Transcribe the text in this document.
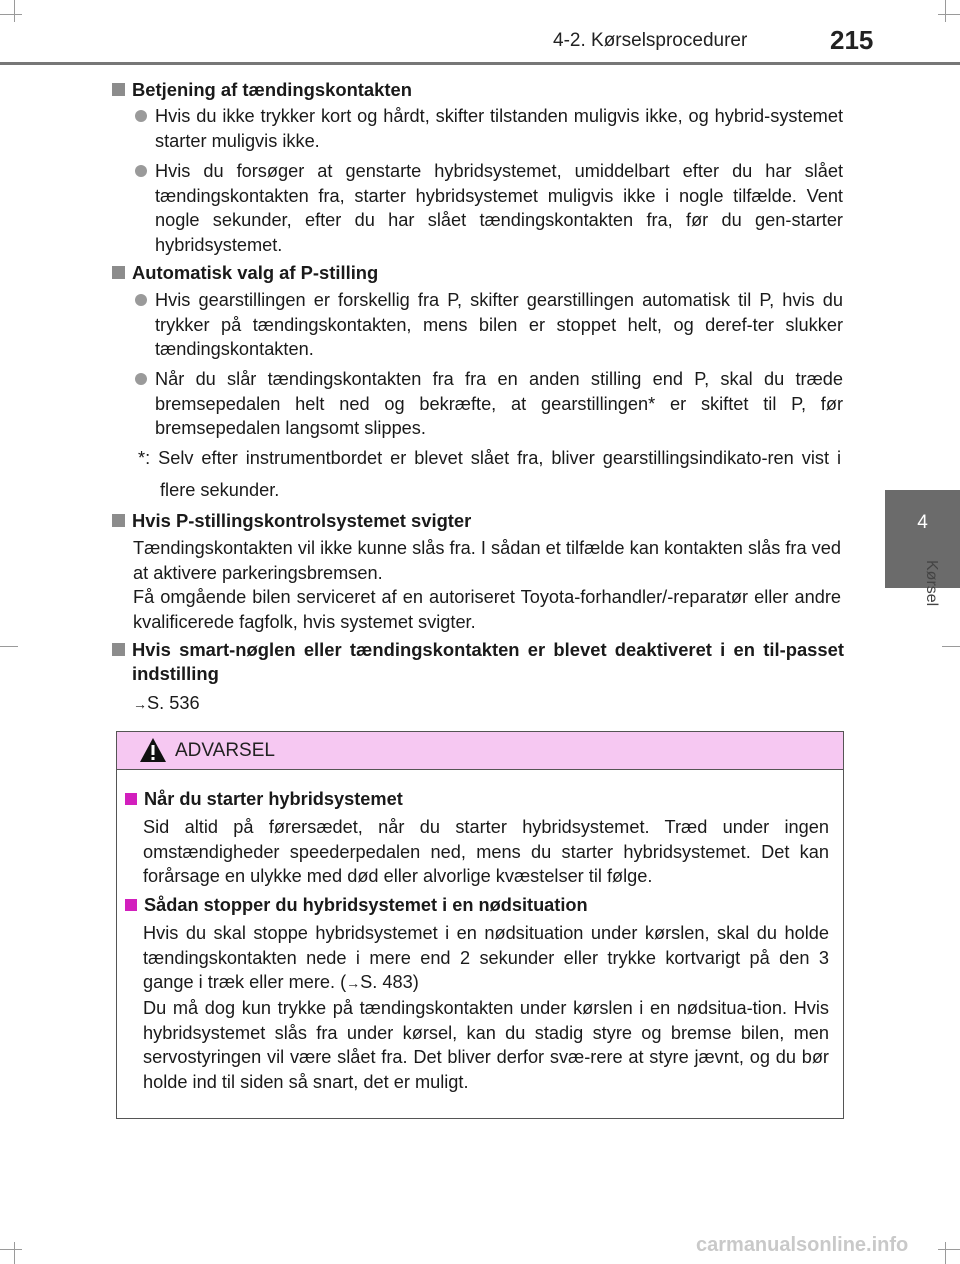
4-2. Kørselsprocedurer	215
4
Kørsel
Betjening af tændingskontakten
Hvis du ikke trykker kort og hårdt, skifter tilstanden muligvis ikke, og hybrid-systemet starter muligvis ikke.
Hvis du forsøger at genstarte hybridsystemet, umiddelbart efter du har slået tændingskontakten fra, starter hybridsystemet muligvis ikke i nogle tilfælde. Vent nogle sekunder, efter du har slået tændingskontakten fra, før du gen-starter hybridsystemet.
Automatisk valg af P-stilling
Hvis gearstillingen er forskellig fra P, skifter gearstillingen automatisk til P, hvis du trykker på tændingskontakten, mens bilen er stoppet helt, og deref-ter slukker tændingskontakten.
Når du slår tændingskontakten fra fra en anden stilling end P, skal du træde bremsepedalen helt ned og bekræfte, at gearstillingen* er skiftet til P, før bremsepedalen langsomt slippes.
*: Selv efter instrumentbordet er blevet slået fra, bliver gearstillingsindikato-ren vist i flere sekunder.
Hvis P-stillingskontrolsystemet svigter
Tændingskontakten vil ikke kunne slås fra. I sådan et tilfælde kan kontakten slås fra ved at aktivere parkeringsbremsen.
Få omgående bilen serviceret af en autoriseret Toyota-forhandler/-reparatør eller andre kvalificerede fagfolk, hvis systemet svigter.
Hvis smart-nøglen eller tændingskontakten er blevet deaktiveret i en til-passet indstilling
→S. 536
ADVARSEL
Når du starter hybridsystemet
Sid altid på førersædet, når du starter hybridsystemet. Træd under ingen omstændigheder speederpedalen ned, mens du starter hybridsystemet. Det kan forårsage en ulykke med død eller alvorlige kvæstelser til følge.
Sådan stopper du hybridsystemet i en nødsituation
Hvis du skal stoppe hybridsystemet i en nødsituation under kørslen, skal du holde tændingskontakten nede i mere end 2 sekunder eller trykke kortvarigt på den 3 gange i træk eller mere. (→S. 483)
Du må dog kun trykke på tændingskontakten under kørslen i en nødsitua-tion. Hvis hybridsystemet slås fra under kørsel, kan du stadig styre og bremse bilen, men servostyringen vil være slået fra. Det bliver derfor svæ-rere at styre jævnt, og du bør holde ind til siden så snart, det er muligt.
carmanualsonline.info
